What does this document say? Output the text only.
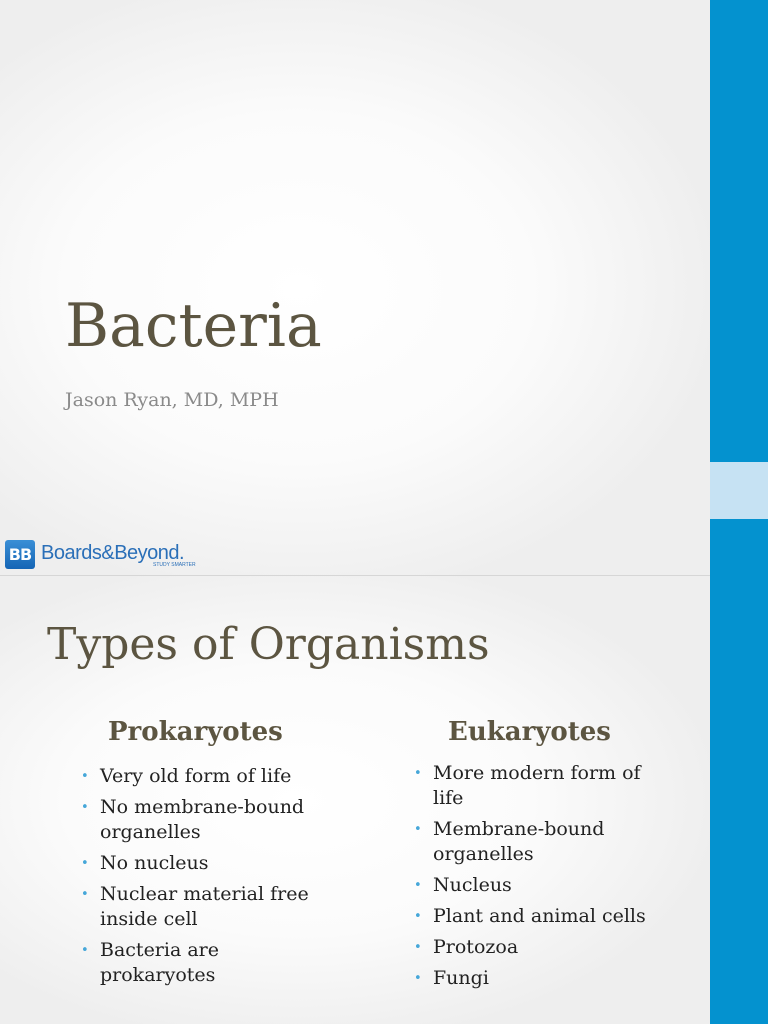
Bacteria
Jason Ryan, MD, MPH
BB Boards&Beyond.
STUDY SMARTER
Types of Organisms
Prokaryotes
• Very old form of life
• No membrane-bound organelles
• No nucleus
• Nuclear material free inside cell
• Bacteria are prokaryotes
Eukaryotes
• More modern form of life
• Membrane-bound organelles
• Nucleus
• Plant and animal cells
• Protozoa
• Fungi
